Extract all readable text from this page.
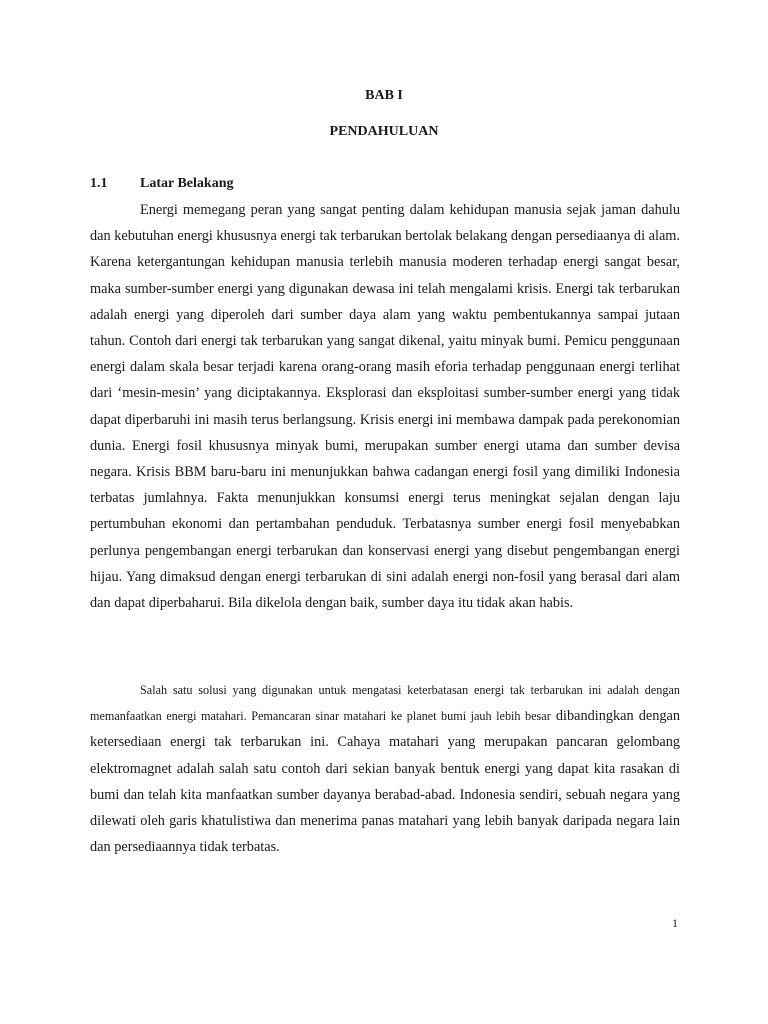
BAB I

PENDAHULUAN

1.1 Latar Belakang

Energi memegang peran yang sangat penting dalam kehidupan manusia sejak jaman dahulu dan kebutuhan energi khususnya energi tak terbarukan bertolak belakang dengan persediaanya di alam. Karena ketergantungan kehidupan manusia terlebih manusia moderen terhadap energi sangat besar, maka sumber-sumber energi yang digunakan dewasa ini telah mengalami krisis. Energi tak terbarukan adalah energi yang diperoleh dari sumber daya alam yang waktu pembentukannya sampai jutaan tahun. Contoh dari energi tak terbarukan yang sangat dikenal, yaitu minyak bumi. Pemicu penggunaan energi dalam skala besar terjadi karena orang-orang masih eforia terhadap penggunaan energi terlihat dari ‘mesin-mesin’ yang diciptakannya. Eksplorasi dan eksploitasi sumber-sumber energi yang tidak dapat diperbaruhi ini masih terus berlangsung. Krisis energi ini membawa dampak pada perekonomian dunia. Energi fosil khususnya minyak bumi, merupakan sumber energi utama dan sumber devisa negara. Krisis BBM baru-baru ini menunjukkan bahwa cadangan energi fosil yang dimiliki Indonesia terbatas jumlahnya. Fakta menunjukkan konsumsi energi terus meningkat sejalan dengan laju pertumbuhan ekonomi dan pertambahan penduduk. Terbatasnya sumber energi fosil menyebabkan perlunya pengembangan energi terbarukan dan konservasi energi yang disebut pengembangan energi hijau. Yang dimaksud dengan energi terbarukan di sini adalah energi non-fosil yang berasal dari alam dan dapat diperbaharui. Bila dikelola dengan baik, sumber daya itu tidak akan habis.

Salah satu solusi yang digunakan untuk mengatasi keterbatasan energi tak terbarukan ini adalah dengan memanfaatkan energi matahari. Pemancaran sinar matahari ke planet bumi jauh lebih besar dibandingkan dengan ketersediaan energi tak terbarukan ini. Cahaya matahari yang merupakan pancaran gelombang elektromagnet adalah salah satu contoh dari sekian banyak bentuk energi yang dapat kita rasakan di bumi dan telah kita manfaatkan sumber dayanya berabad-abad. Indonesia sendiri, sebuah negara yang dilewati oleh garis khatulistiwa dan menerima panas matahari yang lebih banyak daripada negara lain dan persediaannya tidak terbatas.

1
